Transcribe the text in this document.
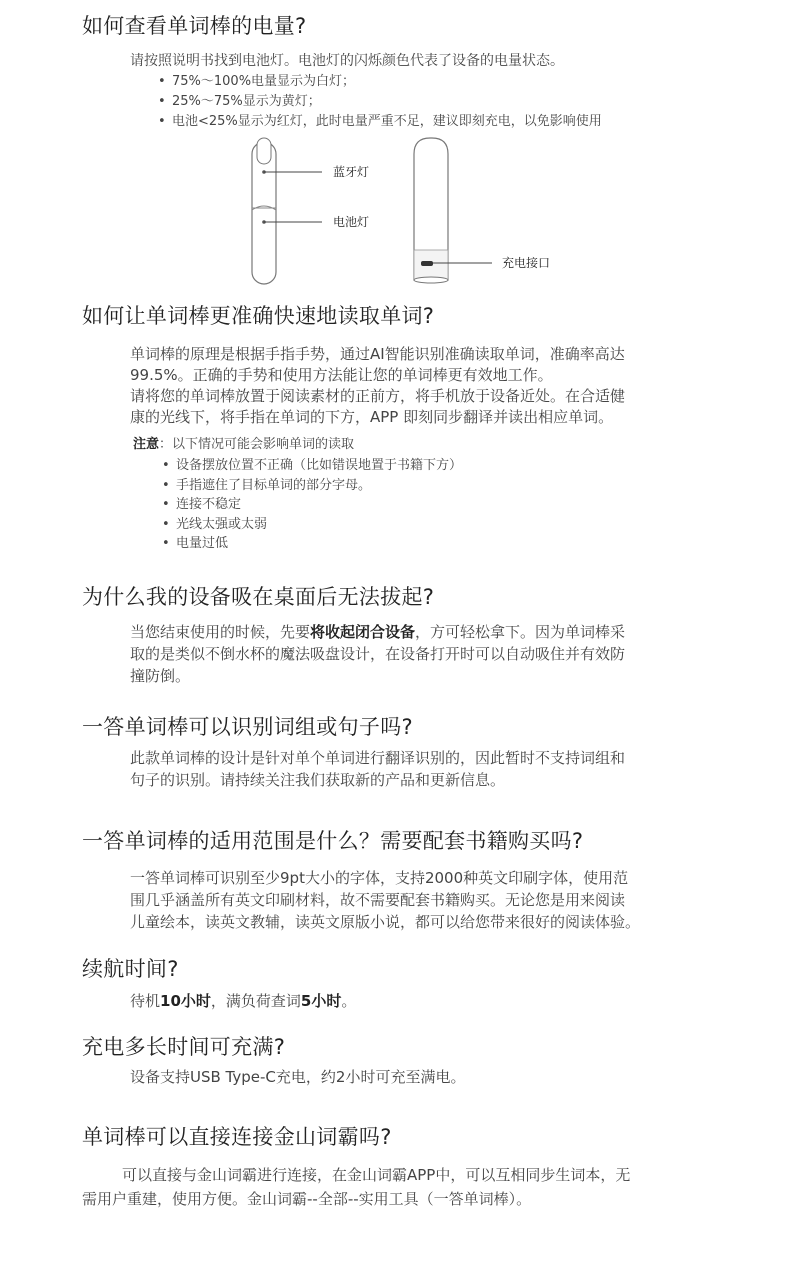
如何查看单词棒的电量?
请按照说明书找到电池灯。电池灯的闪烁颜色代表了设备的电量状态。
• 75%～100%电量显示为白灯；
• 25%～75%显示为黄灯；
• 电池<25%显示为红灯，此时电量严重不足，建议即刻充电，以免影响使用
蓝牙灯
电池灯
充电接口
如何让单词棒更准确快速地读取单词?
单词棒的原理是根据手指手势，通过AI智能识别准确读取单词，准确率高达
99.5%。正确的手势和使用方法能让您的单词棒更有效地工作。
请将您的单词棒放置于阅读素材的正前方，将手机放于设备近处。在合适健
康的光线下，将手指在单词的下方，APP 即刻同步翻译并读出相应单词。
注意：以下情况可能会影响单词的读取
• 设备摆放位置不正确（比如错误地置于书籍下方）
• 手指遮住了目标单词的部分字母。
• 连接不稳定
• 光线太强或太弱
• 电量过低
为什么我的设备吸在桌面后无法拔起?
当您结束使用的时候，先要将收起闭合设备，方可轻松拿下。因为单词棒采
取的是类似不倒水杯的魔法吸盘设计，在设备打开时可以自动吸住并有效防
撞防倒。
一答单词棒可以识别词组或句子吗?
此款单词棒的设计是针对单个单词进行翻译识别的，因此暂时不支持词组和
句子的识别。请持续关注我们获取新的产品和更新信息。
一答单词棒的适用范围是什么？需要配套书籍购买吗?
一答单词棒可识别至少9pt大小的字体，支持2000种英文印刷字体，使用范
围几乎涵盖所有英文印刷材料，故不需要配套书籍购买。无论您是用来阅读
儿童绘本，读英文教辅，读英文原版小说，都可以给您带来很好的阅读体验。
续航时间?
待机10小时，满负荷查词5小时。
充电多长时间可充满?
设备支持USB Type-C充电，约2小时可充至满电。
单词棒可以直接连接金山词霸吗?
可以直接与金山词霸进行连接，在金山词霸APP中，可以互相同步生词本，无
需用户重建，使用方便。金山词霸--全部--实用工具（一答单词棒）。
